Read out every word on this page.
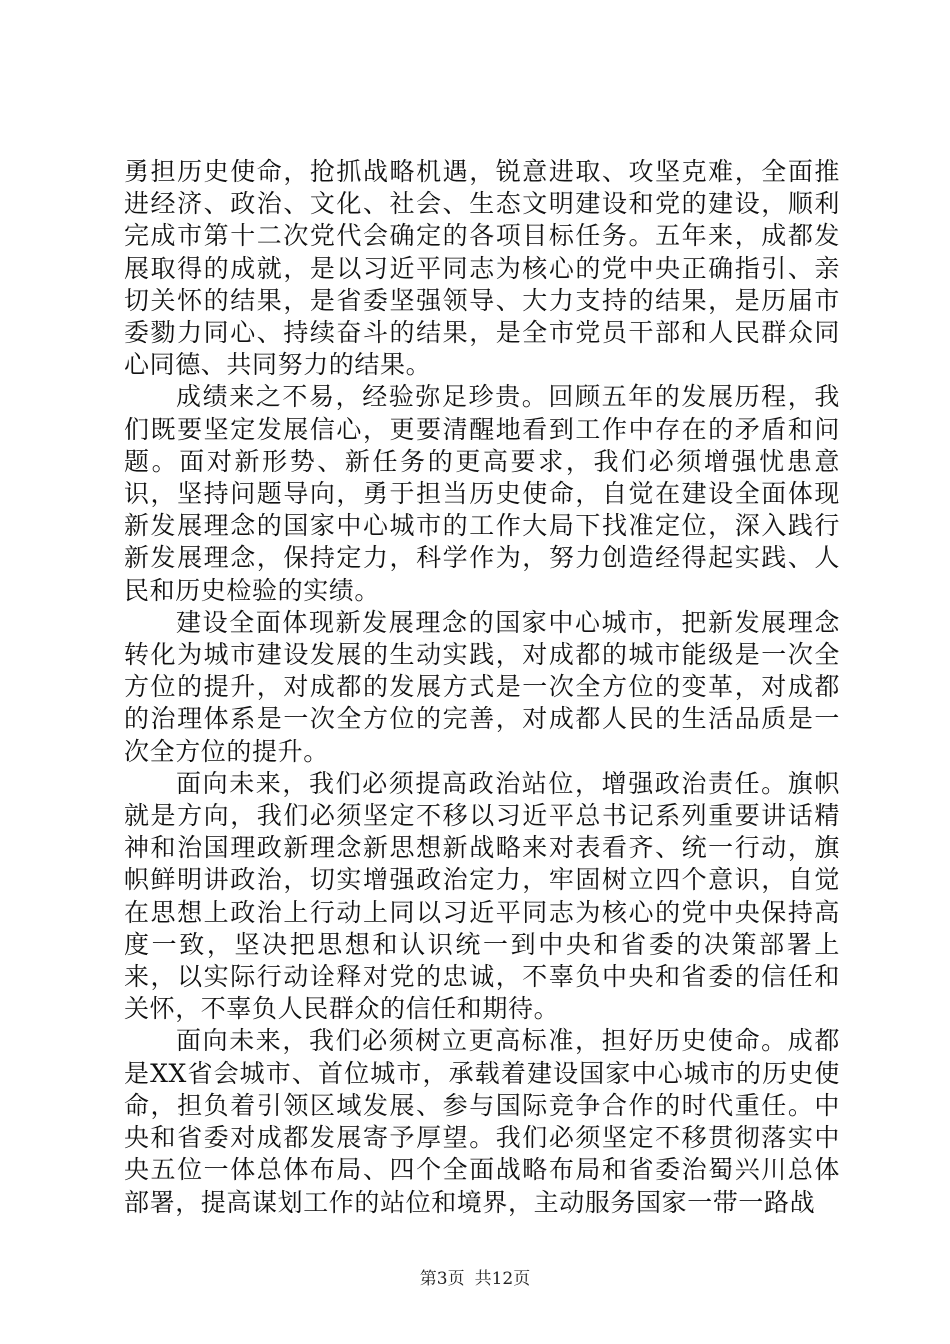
勇担历史使命，抢抓战略机遇，锐意进取、攻坚克难，全面推进经济、政治、文化、社会、生态文明建设和党的建设，顺利完成市第十二次党代会确定的各项目标任务。五年来，成都发展取得的成就，是以习近平同志为核心的党中央正确指引、亲切关怀的结果，是省委坚强领导、大力支持的结果，是历届市委勠力同心、持续奋斗的结果，是全市党员干部和人民群众同心同德、共同努力的结果。

成绩来之不易，经验弥足珍贵。回顾五年的发展历程，我们既要坚定发展信心，更要清醒地看到工作中存在的矛盾和问题。面对新形势、新任务的更高要求，我们必须增强忧患意识，坚持问题导向，勇于担当历史使命，自觉在建设全面体现新发展理念的国家中心城市的工作大局下找准定位，深入践行新发展理念，保持定力，科学作为，努力创造经得起实践、人民和历史检验的实绩。

建设全面体现新发展理念的国家中心城市，把新发展理念转化为城市建设发展的生动实践，对成都的城市能级是一次全方位的提升，对成都的发展方式是一次全方位的变革，对成都的治理体系是一次全方位的完善，对成都人民的生活品质是一次全方位的提升。

面向未来，我们必须提高政治站位，增强政治责任。旗帜就是方向，我们必须坚定不移以习近平总书记系列重要讲话精神和治国理政新理念新思想新战略来对表看齐、统一行动，旗帜鲜明讲政治，切实增强政治定力，牢固树立四个意识，自觉在思想上政治上行动上同以习近平同志为核心的党中央保持高度一致，坚决把思想和认识统一到中央和省委的决策部署上来，以实际行动诠释对党的忠诚，不辜负中央和省委的信任和关怀，不辜负人民群众的信任和期待。

面向未来，我们必须树立更高标准，担好历史使命。成都是XX省会城市、首位城市，承载着建设国家中心城市的历史使命，担负着引领区域发展、参与国际竞争合作的时代重任。中央和省委对成都发展寄予厚望。我们必须坚定不移贯彻落实中央五位一体总体布局、四个全面战略布局和省委治蜀兴川总体部署，提高谋划工作的站位和境界，主动服务国家一带一路战

第3页 共12页
